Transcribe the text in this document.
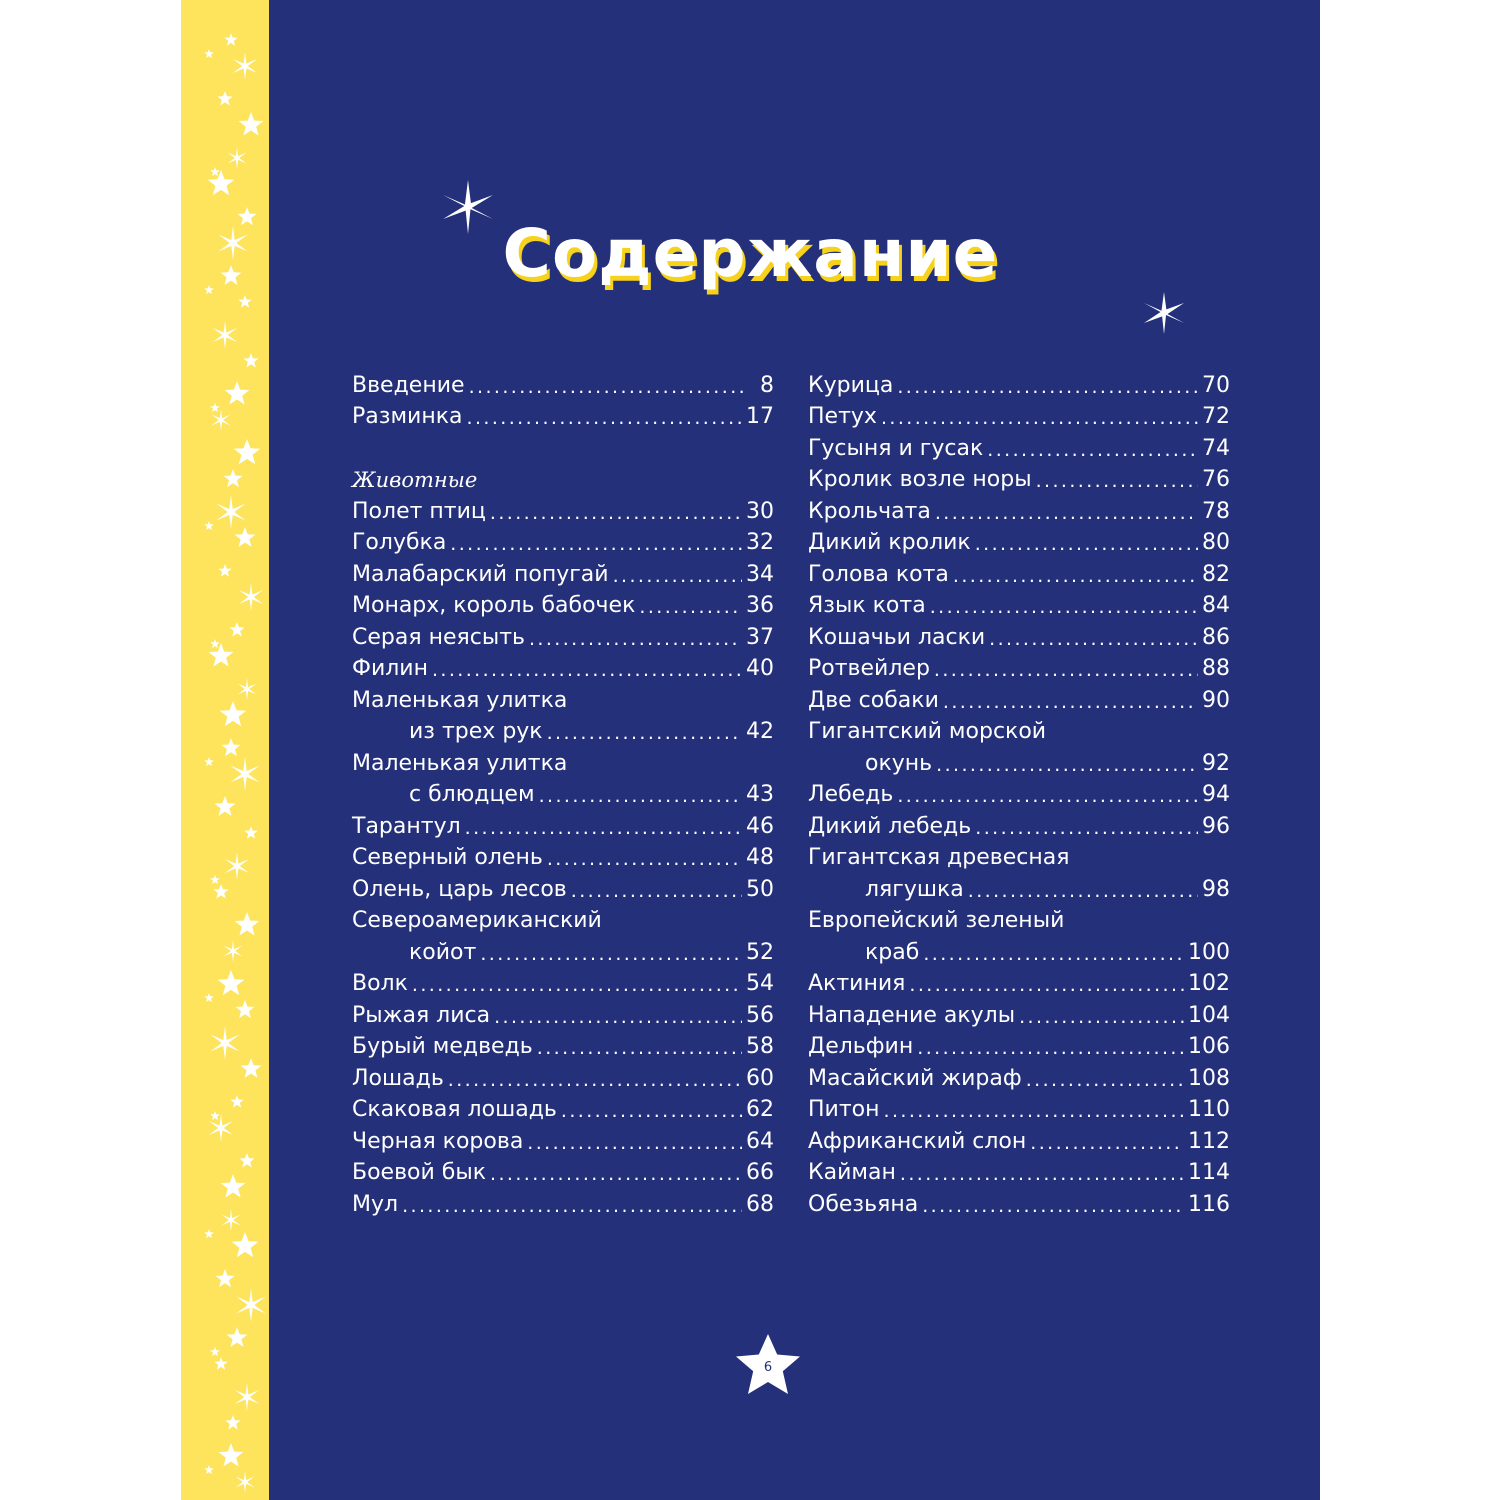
Содержание
Введение .....	8
Разминка .....	17
Животные
Полет птиц .....	30
Голубка .....	32
Малабарский попугай .....	34
Монарх, король бабочек .....	36
Серая неясыть .....	37
Филин .....	40
Маленькая улитка
из трех рук .....	42
Маленькая улитка
с блюдцем .....	43
Тарантул .....	46
Северный олень .....	48
Олень, царь лесов .....	50
Североамериканский
койот .....	52
Волк .....	54
Рыжая лиса .....	56
Бурый медведь .....	58
Лошадь .....	60
Скаковая лошадь .....	62
Черная корова .....	64
Боевой бык .....	66
Мул .....	68
Курица .....	70
Петух .....	72
Гусыня и гусак .....	74
Кролик возле норы .....	76
Крольчата .....	78
Дикий кролик .....	80
Голова кота .....	82
Язык кота .....	84
Кошачьи ласки .....	86
Ротвейлер .....	88
Две собаки .....	90
Гигантский морской
окунь .....	92
Лебедь .....	94
Дикий лебедь .....	96
Гигантская древесная
лягушка .....	98
Европейский зеленый
краб .....	100
Актиния .....	102
Нападение акулы .....	104
Дельфин .....	106
Масайский жираф .....	108
Питон .....	110
Африканский слон .....	112
Кайман .....	114
Обезьяна .....	116
6
